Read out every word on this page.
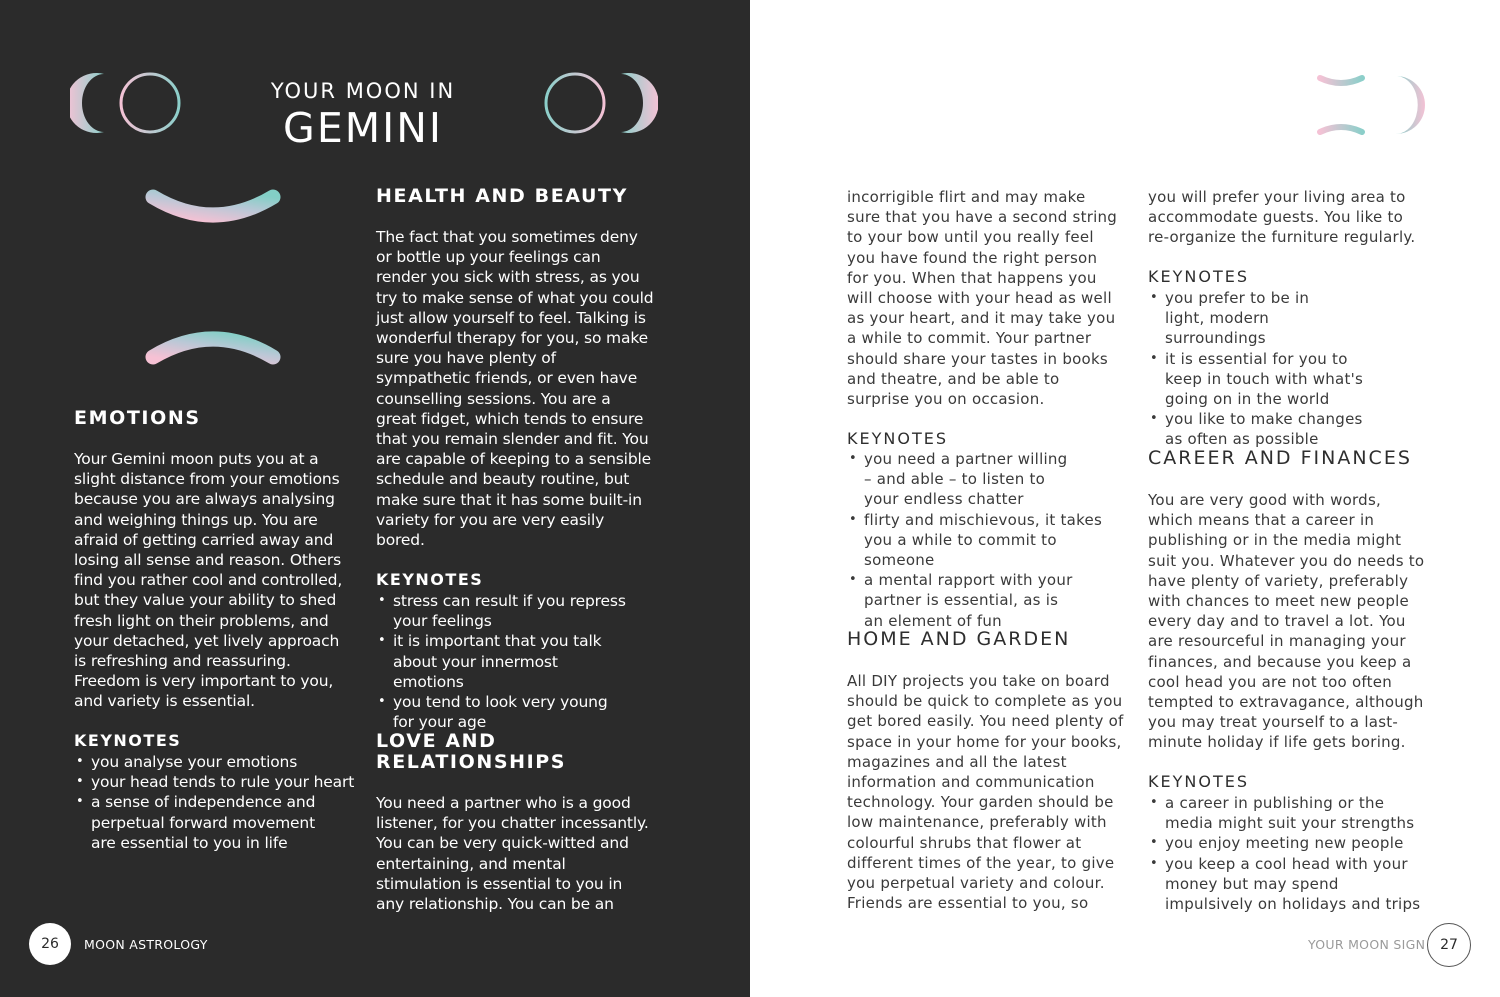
YOUR MOON IN
GEMINI
EMOTIONS
Your Gemini moon puts you at a slight distance from your emotions because you are always analysing and weighing things up. You are afraid of getting carried away and losing all sense and reason. Others find you rather cool and controlled, but they value your ability to shed fresh light on their problems, and your detached, yet lively approach is refreshing and reassuring. Freedom is very important to you, and variety is essential.
KEYNOTES
• you analyse your emotions
• your head tends to rule your heart
• a sense of independence and perpetual forward movement are essential to you in life
HEALTH AND BEAUTY
The fact that you sometimes deny or bottle up your feelings can render you sick with stress, as you try to make sense of what you could just allow yourself to feel. Talking is wonderful therapy for you, so make sure you have plenty of sympathetic friends, or even have counselling sessions. You are a great fidget, which tends to ensure that you remain slender and fit. You are capable of keeping to a sensible schedule and beauty routine, but make sure that it has some built-in variety for you are very easily bored.
KEYNOTES
• stress can result if you repress your feelings
• it is important that you talk about your innermost emotions
• you tend to look very young for your age
LOVE AND RELATIONSHIPS
You need a partner who is a good listener, for you chatter incessantly. You can be very quick-witted and entertaining, and mental stimulation is essential to you in any relationship. You can be an
26	MOON ASTROLOGY
incorrigible flirt and may make sure that you have a second string to your bow until you really feel you have found the right person for you. When that happens you will choose with your head as well as your heart, and it may take you a while to commit. Your partner should share your tastes in books and theatre, and be able to surprise you on occasion.
KEYNOTES
• you need a partner willing – and able – to listen to your endless chatter
• flirty and mischievous, it takes you a while to commit to someone
• a mental rapport with your partner is essential, as is an element of fun
HOME AND GARDEN
All DIY projects you take on board should be quick to complete as you get bored easily. You need plenty of space in your home for your books, magazines and all the latest information and communication technology. Your garden should be low maintenance, preferably with colourful shrubs that flower at different times of the year, to give you perpetual variety and colour. Friends are essential to you, so
you will prefer your living area to accommodate guests. You like to re-organize the furniture regularly.
KEYNOTES
• you prefer to be in light, modern surroundings
• it is essential for you to keep in touch with what's going on in the world
• you like to make changes as often as possible
CAREER AND FINANCES
You are very good with words, which means that a career in publishing or in the media might suit you. Whatever you do needs to have plenty of variety, preferably with chances to meet new people every day and to travel a lot. You are resourceful in managing your finances, and because you keep a cool head you are not too often tempted to extravagance, although you may treat yourself to a last-minute holiday if life gets boring.
KEYNOTES
• a career in publishing or the media might suit your strengths
• you enjoy meeting new people
• you keep a cool head with your money but may spend impulsively on holidays and trips
YOUR MOON SIGN	27
